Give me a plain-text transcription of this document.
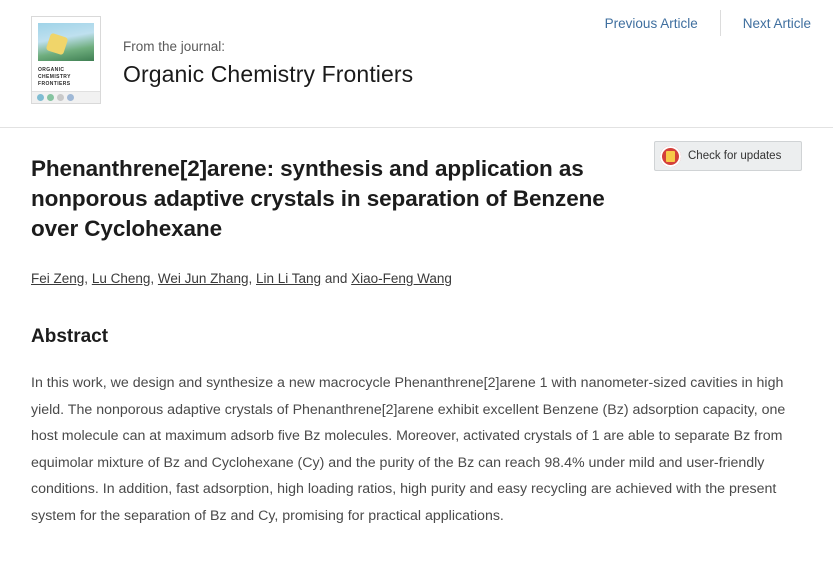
Previous Article	Next Article
ORGANIC CHEMISTRY FRONTIERS
From the journal:
Organic Chemistry Frontiers
Check for updates
Phenanthrene[2]arene: synthesis and application as nonporous adaptive crystals in separation of Benzene over Cyclohexane
Fei Zeng, Lu Cheng, Wei Jun Zhang, Lin Li Tang and Xiao-Feng Wang
Abstract

In this work, we design and synthesize a new macrocycle Phenanthrene[2]arene 1 with nanometer-sized cavities in high yield. The nonporous adaptive crystals of Phenanthrene[2]arene exhibit excellent Benzene (Bz) adsorption capacity, one host molecule can at maximum adsorb five Bz molecules. Moreover, activated crystals of 1 are able to separate Bz from equimolar mixture of Bz and Cyclohexane (Cy) and the purity of the Bz can reach 98.4% under mild and user-friendly conditions. In addition, fast adsorption, high loading ratios, high purity and easy recycling are achieved with the present system for the separation of Bz and Cy, promising for practical applications.
